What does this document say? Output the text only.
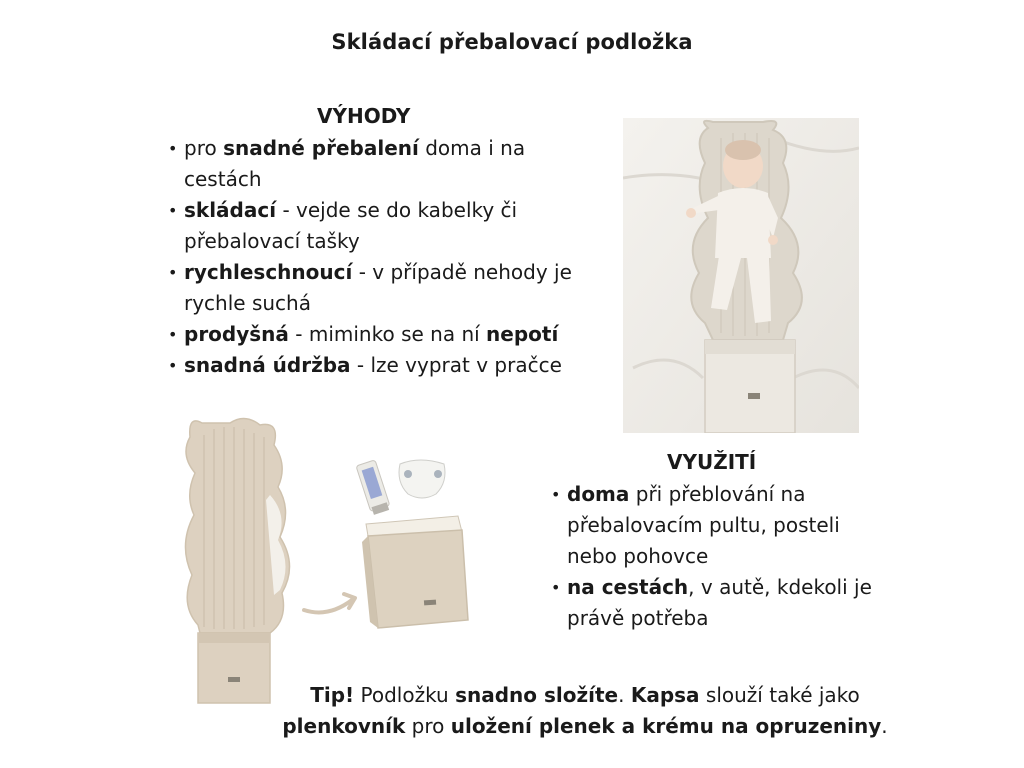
Skládací přebalovací podložka
VÝHODY
• pro snadné přebalení doma i na cestách
• skládací - vejde se do kabelky či přebalovací tašky
• rychleschnoucí - v případě nehody je rychle suchá
• prodyšná - miminko se na ní nepotí
• snadná údržba - lze vyprat v pračce
VYUŽITÍ
• doma při přeblování na přebalovacím pultu, posteli nebo pohovce
• na cestách, v autě, kdekoli je právě potřeba
Tip! Podložku snadno složíte. Kapsa slouží také jako plenkovník pro uložení plenek a krému na opruzeniny.
